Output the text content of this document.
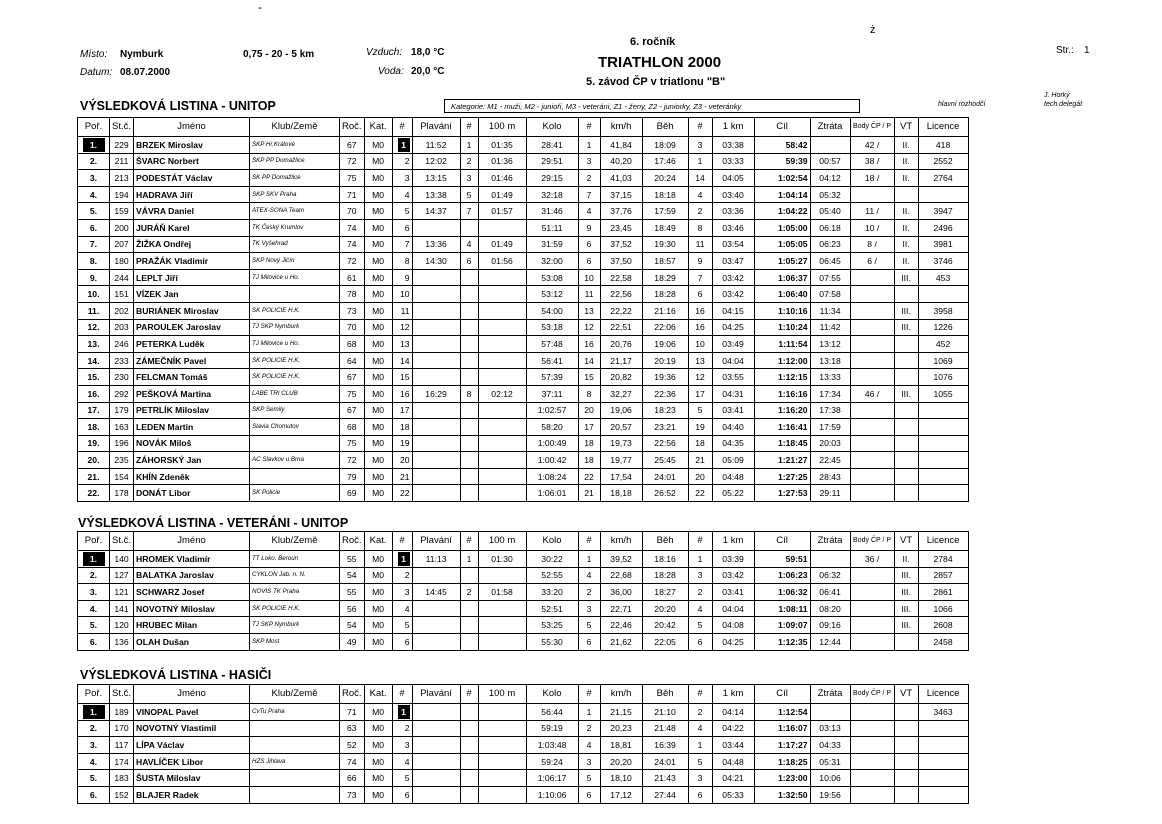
Místo: Nymburk
Datum: 08.07.2000
0,75 - 20 - 5 km	Vzduch: 18,0 °C
Voda: 20,0 °C
6. ročník
TRIATHLON 2000
5. závod ČP v triatlonu "B"
Str.: 1
hlavní rozhodčí
J. Horký
tech.delegát
Kategorie: M1 - muži, M2 - junioři, M3 - veteráni, Z1 - ženy, Z2 - juniorky, Z3 - veteránky
-
ż
VÝSLEDKOVÁ LISTINA - UNITOP
Poř.	St.č.	Jméno	Klub/Země	Roč.	Kat.	#	Plavání	#	100 m	Kolo	#	km/h	Běh	#	1 km	Cíl	Ztráta	Body ČP / P	VT	Licence
1.	229	BRZEK Miroslav	SKP Hr.Králové	67	M0	1	11:52	1	01:35	28:41	1	41,84	18:09	3	03:38	58:42		42 /	II.	418
2.	211	ŠVARC Norbert	SKP PP Domažlice	72	M0	2	12:02	2	01:36	29:51	3	40,20	17:46	1	03:33	59:39	00:57	38 /	II.	2552
3.	213	PODESTÁT Václav	SK PP Domažlice	75	M0	3	13:15	3	01:46	29:15	2	41,03	20:24	14	04:05	1:02:54	04:12	18 /	II.	2764
4.	194	HADRAVA Jiří	SKP SKV Praha	71	M0	4	13:38	5	01:49	32:18	7	37,15	18:18	4	03:40	1:04:14	05:32			
5.	159	VÁVRA Daniel	ATEX-SONA Team	70	M0	5	14:37	7	01:57	31:46	4	37,76	17:59	2	03:36	1:04:22	05:40	11 /	II.	3947
6.	200	JURÁŇ Karel	TK Český Krumlov	74	M0	6				51:11	9	23,45	18:49	8	03:46	1:05:00	06:18	10 /	II.	2496
7.	207	ŽIŽKA Ondřej	TK Vyšehrad	74	M0	7	13:36	4	01:49	31:59	6	37,52	19:30	11	03:54	1:05:05	06:23	8 /	II.	3981
8.	180	PRAŽÁK Vladimír	SKP Nový Jičín	72	M0	8	14:30	6	01:56	32:00	6	37,50	18:57	9	03:47	1:05:27	06:45	6 /	II.	3746
9.	244	LEPLT Jiří	TJ Milovice u Ho.	61	M0	9				53:08	10	22,58	18:29	7	03:42	1:06:37	07:55		III.	453
10.	151	VÍZEK Jan		78	M0	10				53:12	11	22,56	18:28	6	03:42	1:06:40	07:58			
11.	202	BURIÁNEK Miroslav	SK POLICIE H.K.	73	M0	11				54:00	13	22,22	21:16	16	04:15	1:10:16	11:34		III.	3958
12.	203	PAROULEK Jaroslav	TJ SKP Nymburk	70	M0	12				53:18	12	22,51	22:06	16	04:25	1:10:24	11:42		III.	1226
13.	246	PETERKA Luděk	TJ Milovice u Ho.	68	M0	13				57:48	16	20,76	19:06	10	03:49	1:11:54	13:12			452
14.	233	ZÁMEČNÍK Pavel	SK POLICIE H.K.	64	M0	14				56:41	14	21,17	20:19	13	04:04	1:12:00	13:18			1069
15.	230	FELCMAN Tomáš	SK POLICIE H.K.	67	M0	15				57:39	15	20,82	19:36	12	03:55	1:12:15	13:33			1076
16.	292	PEŠKOVÁ Martina	LABE TRI CLUB	75	M0	16	16:29	8	02:12	37:11	8	32,27	22:36	17	04:31	1:16:16	17:34	46 /	III.	1055
17.	179	PETRLÍK Miloslav	SKP Semily	67	M0	17				1:02:57	20	19,06	18:23	5	03:41	1:16:20	17:38			
18.	163	LEDEN Martin	Slavia Chomutov	68	M0	18				58:20	17	20,57	23:21	19	04:40	1:16:41	17:59			
19.	196	NOVÁK Miloš		75	M0	19				1:00:49	18	19,73	22:56	18	04:35	1:18:45	20:03			
20.	235	ZÁHORSKÝ Jan	AC Slavkov u Brna	72	M0	20				1:00:42	18	19,77	25:45	21	05:09	1:21:27	22:45			
21.	154	KHÍN Zdeněk		79	M0	21				1:08:24	22	17,54	24:01	20	04:48	1:27:25	28:43			
22.	178	DONÁT Libor	SK Policie	69	M0	22				1:06:01	21	18,18	26:52	22	05:22	1:27:53	29:11			
VÝSLEDKOVÁ LISTINA - VETERÁNI - UNITOP
Poř.	St.č.	Jméno	Klub/Země	Roč.	Kat.	#	Plavání	#	100 m	Kolo	#	km/h	Běh	#	1 km	Cíl	Ztráta	Body ČP / P	VT	Licence
1.	140	HROMEK Vladimír	TT Loko. Beroun	55	M0	1	11:13	1	01:30	30:22	1	39,52	18:16	1	03:39	59:51		36 /	II.	2784
2.	127	BALATKA Jaroslav	CYKLON Jab. n. N.	54	M0	2				52:55	4	22,68	18:28	3	03:42	1:06:23	06:32		III.	2857
3.	121	SCHWARZ Josef	NOVIS TK Praha	55	M0	3	14:45	2	01:58	33:20	2	36,00	18:27	2	03:41	1:06:32	06:41		III.	2861
4.	141	NOVOTNÝ Miloslav	SK POLICIE H.K.	56	M0	4				52:51	3	22,71	20:20	4	04:04	1:08:11	08:20		III.	1066
5.	120	HRUBEC Milan	TJ SKP Nymburk	54	M0	5				53:25	5	22,46	20:42	5	04:08	1:09:07	09:16		III.	2608
6.	136	OLAH Dušan	SKP Most	49	M0	6				55:30	6	21,62	22:05	6	04:25	1:12:35	12:44			2458
VÝSLEDKOVÁ LISTINA - HASIČI
Poř.	St.č.	Jméno	Klub/Země	Roč.	Kat.	#	Plavání	#	100 m	Kolo	#	km/h	Běh	#	1 km	Cíl	Ztráta	Body ČP / P	VT	Licence
1.	189	VINOPAL Pavel	CvTu Praha	71	M0	1				56:44	1	21,15	21:10	2	04:14	1:12:54				3463
2.	170	NOVOTNÝ Vlastimil		63	M0	2				59:19	2	20,23	21:48	4	04:22	1:16:07	03:13			
3.	117	LÍPA Václav		52	M0	3				1:03:48	4	18,81	16:39	1	03:44	1:17:27	04:33			
4.	174	HAVLÍČEK Libor	HZS Jihlava	74	M0	4				59:24	3	20,20	24:01	5	04:48	1:18:25	05:31			
5.	183	ŠUSTA Miloslav		66	M0	5				1:06:17	5	18,10	21:43	3	04:21	1:23:00	10:06			
6.	152	BLAJER Radek		73	M0	6				1:10:06	6	17,12	27:44	6	05:33	1:32:50	19:56			
